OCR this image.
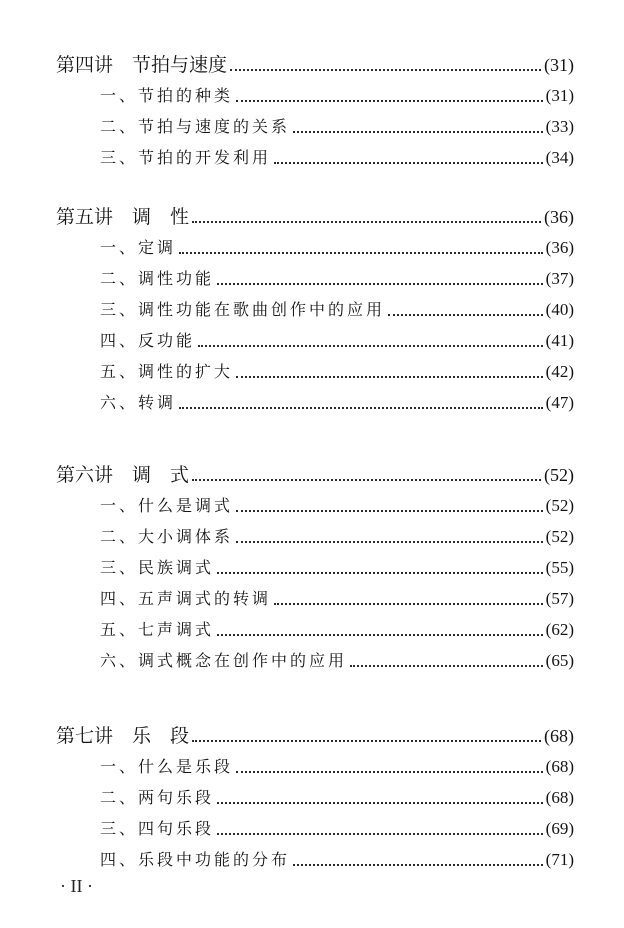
第四讲　节拍与速度	(31)
一、节拍的种类	(31)
二、节拍与速度的关系	(33)
三、节拍的开发利用	(34)
第五讲　调　性	(36)
一、定调	(36)
二、调性功能	(37)
三、调性功能在歌曲创作中的应用	(40)
四、反功能	(41)
五、调性的扩大	(42)
六、转调	(47)
第六讲　调　式	(52)
一、什么是调式	(52)
二、大小调体系	(52)
三、民族调式	(55)
四、五声调式的转调	(57)
五、七声调式	(62)
六、调式概念在创作中的应用	(65)
第七讲　乐　段	(68)
一、什么是乐段	(68)
二、两句乐段	(68)
三、四句乐段	(69)
四、乐段中功能的分布	(71)
· II ·
